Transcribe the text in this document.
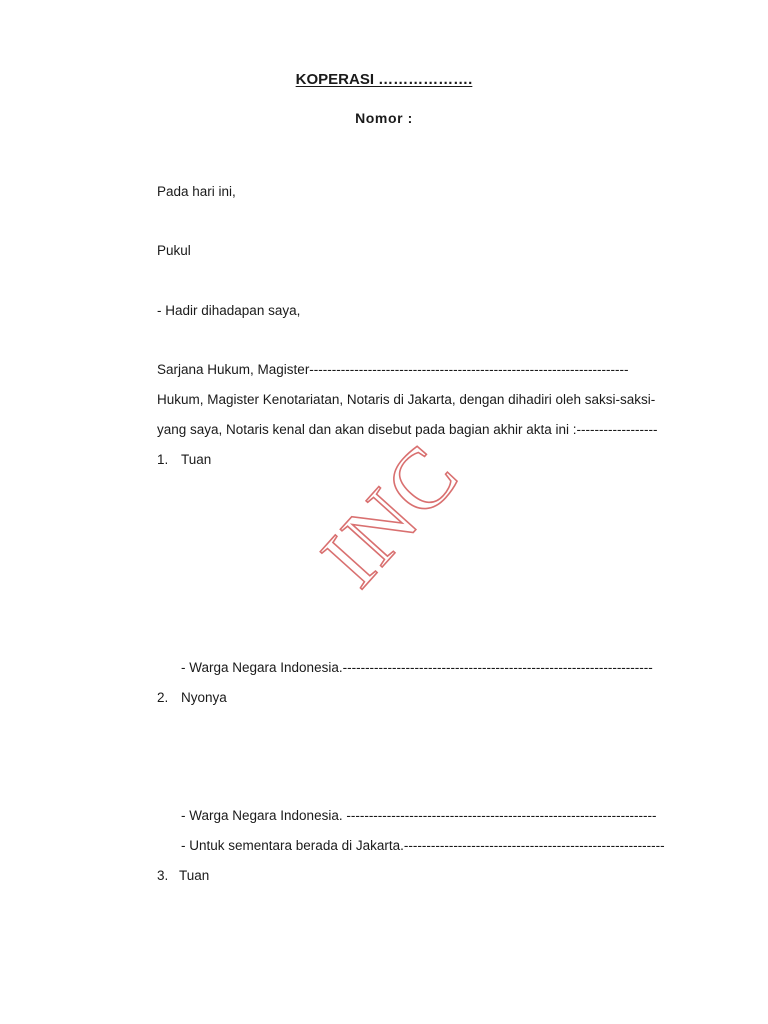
KOPERASI ……………….
Nomor :
Pada hari ini,
Pukul
- Hadir dihadapan saya,
Sarjana Hukum, Magister-----------------------------------------------------------------------
Hukum, Magister Kenotariatan, Notaris di Jakarta, dengan dihadiri oleh saksi-saksi-
yang saya, Notaris kenal dan akan disebut pada bagian akhir akta ini :------------------
1. Tuan
- Warga Negara Indonesia.---------------------------------------------------------------------
2. Nyonya
- Warga Negara Indonesia. ---------------------------------------------------------------------
- Untuk sementara berada di Jakarta.----------------------------------------------------------
3. Tuan
INC
